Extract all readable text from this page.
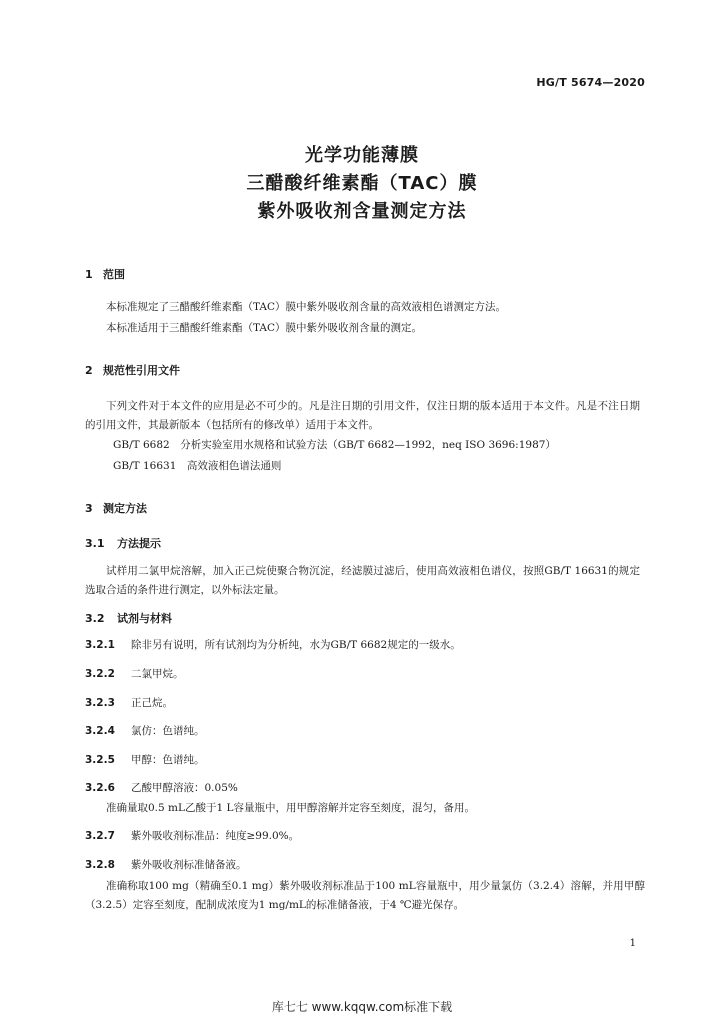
HG/T 5674—2020
光学功能薄膜
三醋酸纤维素酯（TAC）膜
紫外吸收剂含量测定方法
1 范围
本标准规定了三醋酸纤维素酯（TAC）膜中紫外吸收剂含量的高效液相色谱测定方法。
本标准适用于三醋酸纤维素酯（TAC）膜中紫外吸收剂含量的测定。
2 规范性引用文件
下列文件对于本文件的应用是必不可少的。凡是注日期的引用文件，仅注日期的版本适用于本文件。凡是不注日期的引用文件，其最新版本（包括所有的修改单）适用于本文件。
GB/T 6682　分析实验室用水规格和试验方法（GB/T 6682—1992，neq ISO 3696:1987）
GB/T 16631　高效液相色谱法通则
3 测定方法
3.1 方法提示
试样用二氯甲烷溶解，加入正己烷使聚合物沉淀，经滤膜过滤后，使用高效液相色谱仪，按照GB/T 16631的规定选取合适的条件进行测定，以外标法定量。
3.2 试剂与材料
3.2.1 除非另有说明，所有试剂均为分析纯，水为GB/T 6682规定的一级水。
3.2.2 二氯甲烷。
3.2.3 正己烷。
3.2.4 氯仿：色谱纯。
3.2.5 甲醇：色谱纯。
3.2.6 乙酸甲醇溶液：0.05%
准确量取0.5 mL乙酸于1 L容量瓶中，用甲醇溶解并定容至刻度，混匀，备用。
3.2.7 紫外吸收剂标准品：纯度≥99.0%。
3.2.8 紫外吸收剂标准储备液。
准确称取100 mg（精确至0.1 mg）紫外吸收剂标准品于100 mL容量瓶中，用少量氯仿（3.2.4）溶解，并用甲醇（3.2.5）定容至刻度，配制成浓度为1 mg/mL的标准储备液，于4 ℃避光保存。
1
库七七 www.kqqw.com标准下载
